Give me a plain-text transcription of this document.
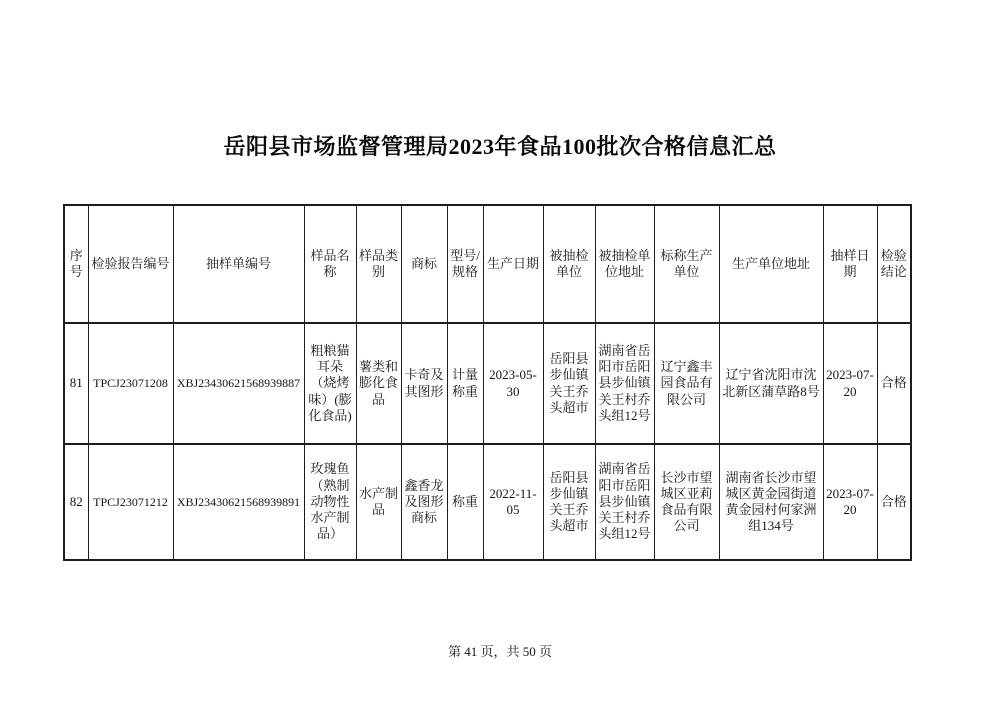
岳阳县市场监督管理局2023年食品100批次合格信息汇总
序号	检验报告编号	抽样单编号	样品名称	样品类别	商标	型号/规格	生产日期	被抽检单位	被抽检单位地址	标称生产单位	生产单位地址	抽样日期	检验结论
81	TPCJ23071208	XBJ23430621568939887	粗粮猫耳朵（烧烤味）(膨化食品)	薯类和膨化食品	卡奇及其图形	计量称重	2023-05-30	岳阳县步仙镇关王乔头超市	湖南省岳阳市岳阳县步仙镇关王村乔头组12号	辽宁鑫丰园食品有限公司	辽宁省沈阳市沈北新区蒲草路8号	2023-07-20	合格
82	TPCJ23071212	XBJ23430621568939891	玫瑰鱼（熟制动物性水产制品）	水产制品	鑫香龙及图形商标	称重	2022-11-05	岳阳县步仙镇关王乔头超市	湖南省岳阳市岳阳县步仙镇关王村乔头组12号	长沙市望城区亚莉食品有限公司	湖南省长沙市望城区黄金园街道黄金园村何家洲组134号	2023-07-20	合格
第 41 页，共 50 页
